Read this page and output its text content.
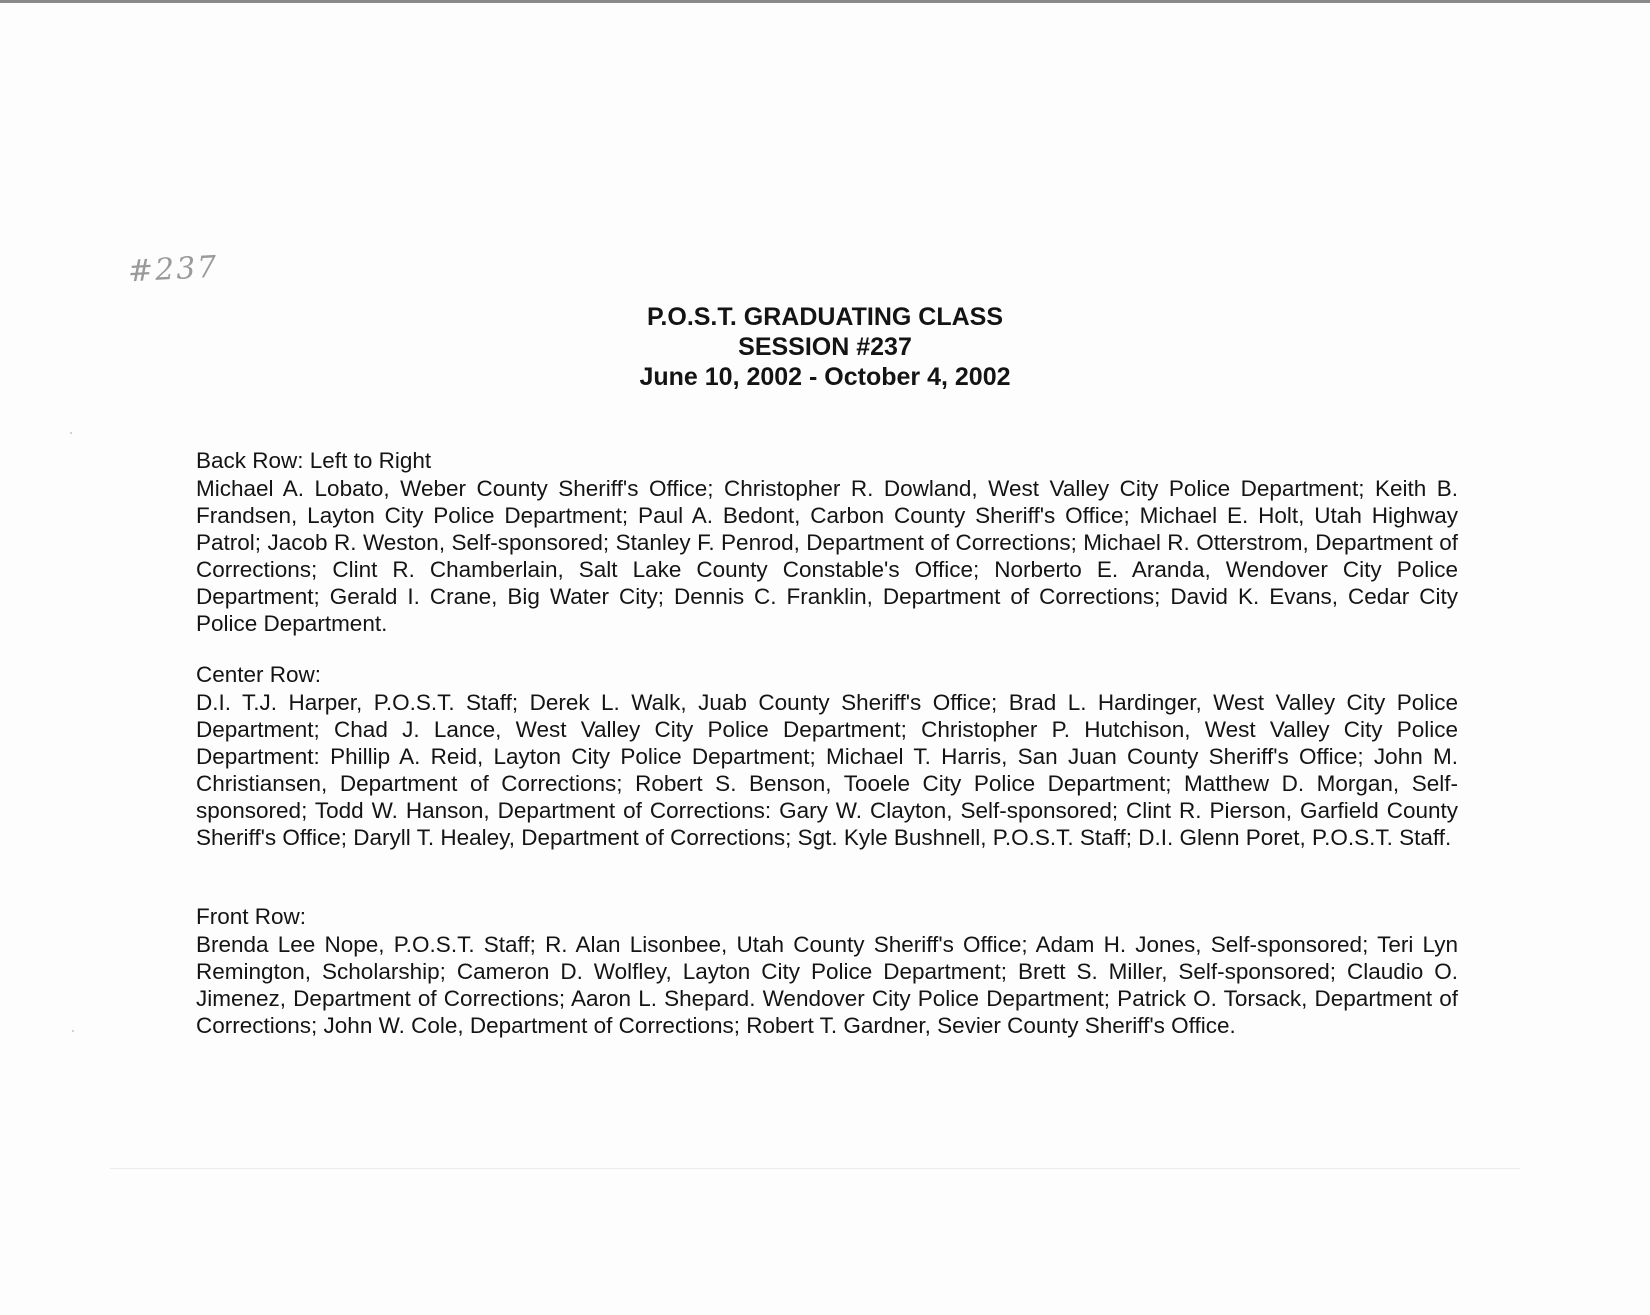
#237
P.O.S.T. GRADUATING CLASS
SESSION #237
June 10, 2002 - October 4, 2002
Back Row: Left to Right
Michael A. Lobato, Weber County Sheriff's Office; Christopher R. Dowland, West Valley City Police Department; Keith B. Frandsen, Layton City Police Department; Paul A. Bedont, Carbon County Sheriff's Office; Michael E. Holt, Utah Highway Patrol; Jacob R. Weston, Self-sponsored; Stanley F. Penrod, Department of Corrections; Michael R. Otterstrom, Department of Corrections; Clint R. Chamberlain, Salt Lake County Constable's Office; Norberto E. Aranda, Wendover City Police Department; Gerald I. Crane, Big Water City; Dennis C. Franklin, Department of Corrections; David K. Evans, Cedar City Police Department.
Center Row:
D.I. T.J. Harper, P.O.S.T. Staff; Derek L. Walk, Juab County Sheriff's Office; Brad L. Hardinger, West Valley City Police Department; Chad J. Lance, West Valley City Police Department; Christopher P. Hutchison, West Valley City Police Department: Phillip A. Reid, Layton City Police Department; Michael T. Harris, San Juan County Sheriff's Office; John M. Christiansen, Department of Corrections; Robert S. Benson, Tooele City Police Department; Matthew D. Morgan, Self-sponsored; Todd W. Hanson, Department of Corrections: Gary W. Clayton, Self-sponsored; Clint R. Pierson, Garfield County Sheriff's Office; Daryll T. Healey, Department of Corrections; Sgt. Kyle Bushnell, P.O.S.T. Staff; D.I. Glenn Poret, P.O.S.T. Staff.
Front Row:
Brenda Lee Nope, P.O.S.T. Staff; R. Alan Lisonbee, Utah County Sheriff's Office; Adam H. Jones, Self-sponsored; Teri Lyn Remington, Scholarship; Cameron D. Wolfley, Layton City Police Department; Brett S. Miller, Self-sponsored; Claudio O. Jimenez, Department of Corrections; Aaron L. Shepard. Wendover City Police Department; Patrick O. Torsack, Department of Corrections; John W. Cole, Department of Corrections; Robert T. Gardner, Sevier County Sheriff's Office.
